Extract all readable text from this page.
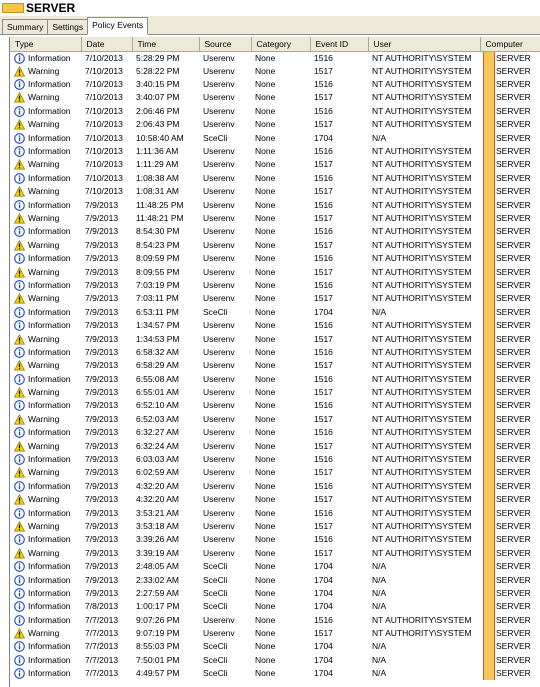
SERVER
Summary	Settings	Policy Events
Type	Date	Time	Source	Category	Event ID	User	Computer

Information	7/10/2013	5:28:29 PM	Userenv	None	1516	NT AUTHORITY\SYSTEM	SERVER

Warning	7/10/2013	5:28:22 PM	Userenv	None	1517	NT AUTHORITY\SYSTEM	SERVER

Information	7/10/2013	3:40:15 PM	Userenv	None	1516	NT AUTHORITY\SYSTEM	SERVER

Warning	7/10/2013	3:40:07 PM	Userenv	None	1517	NT AUTHORITY\SYSTEM	SERVER

Information	7/10/2013	2:06:46 PM	Userenv	None	1516	NT AUTHORITY\SYSTEM	SERVER

Warning	7/10/2013	2:06:43 PM	Userenv	None	1517	NT AUTHORITY\SYSTEM	SERVER

Information	7/10/2013	10:58:40 AM	SceCli	None	1704	N/A	SERVER

Information	7/10/2013	1:11:36 AM	Userenv	None	1516	NT AUTHORITY\SYSTEM	SERVER

Warning	7/10/2013	1:11:29 AM	Userenv	None	1517	NT AUTHORITY\SYSTEM	SERVER

Information	7/10/2013	1:08:38 AM	Userenv	None	1516	NT AUTHORITY\SYSTEM	SERVER

Warning	7/10/2013	1:08:31 AM	Userenv	None	1517	NT AUTHORITY\SYSTEM	SERVER

Information	7/9/2013	11:48:25 PM	Userenv	None	1516	NT AUTHORITY\SYSTEM	SERVER

Warning	7/9/2013	11:48:21 PM	Userenv	None	1517	NT AUTHORITY\SYSTEM	SERVER

Information	7/9/2013	8:54:30 PM	Userenv	None	1516	NT AUTHORITY\SYSTEM	SERVER

Warning	7/9/2013	8:54:23 PM	Userenv	None	1517	NT AUTHORITY\SYSTEM	SERVER

Information	7/9/2013	8:09:59 PM	Userenv	None	1516	NT AUTHORITY\SYSTEM	SERVER

Warning	7/9/2013	8:09:55 PM	Userenv	None	1517	NT AUTHORITY\SYSTEM	SERVER

Information	7/9/2013	7:03:19 PM	Userenv	None	1516	NT AUTHORITY\SYSTEM	SERVER

Warning	7/9/2013	7:03:11 PM	Userenv	None	1517	NT AUTHORITY\SYSTEM	SERVER

Information	7/9/2013	6:53:11 PM	SceCli	None	1704	N/A	SERVER

Information	7/9/2013	1:34:57 PM	Userenv	None	1516	NT AUTHORITY\SYSTEM	SERVER

Warning	7/9/2013	1:34:53 PM	Userenv	None	1517	NT AUTHORITY\SYSTEM	SERVER

Information	7/9/2013	6:58:32 AM	Userenv	None	1516	NT AUTHORITY\SYSTEM	SERVER

Warning	7/9/2013	6:58:29 AM	Userenv	None	1517	NT AUTHORITY\SYSTEM	SERVER

Information	7/9/2013	6:55:08 AM	Userenv	None	1516	NT AUTHORITY\SYSTEM	SERVER

Warning	7/9/2013	6:55:01 AM	Userenv	None	1517	NT AUTHORITY\SYSTEM	SERVER

Information	7/9/2013	6:52:10 AM	Userenv	None	1516	NT AUTHORITY\SYSTEM	SERVER

Warning	7/9/2013	6:52:03 AM	Userenv	None	1517	NT AUTHORITY\SYSTEM	SERVER

Information	7/9/2013	6:32:27 AM	Userenv	None	1516	NT AUTHORITY\SYSTEM	SERVER

Warning	7/9/2013	6:32:24 AM	Userenv	None	1517	NT AUTHORITY\SYSTEM	SERVER

Information	7/9/2013	6:03:03 AM	Userenv	None	1516	NT AUTHORITY\SYSTEM	SERVER

Warning	7/9/2013	6:02:59 AM	Userenv	None	1517	NT AUTHORITY\SYSTEM	SERVER

Information	7/9/2013	4:32:20 AM	Userenv	None	1516	NT AUTHORITY\SYSTEM	SERVER

Warning	7/9/2013	4:32:20 AM	Userenv	None	1517	NT AUTHORITY\SYSTEM	SERVER

Information	7/9/2013	3:53:21 AM	Userenv	None	1516	NT AUTHORITY\SYSTEM	SERVER

Warning	7/9/2013	3:53:18 AM	Userenv	None	1517	NT AUTHORITY\SYSTEM	SERVER

Information	7/9/2013	3:39:26 AM	Userenv	None	1516	NT AUTHORITY\SYSTEM	SERVER

Warning	7/9/2013	3:39:19 AM	Userenv	None	1517	NT AUTHORITY\SYSTEM	SERVER

Information	7/9/2013	2:48:05 AM	SceCli	None	1704	N/A	SERVER

Information	7/9/2013	2:33:02 AM	SceCli	None	1704	N/A	SERVER

Information	7/9/2013	2:27:59 AM	SceCli	None	1704	N/A	SERVER

Information	7/8/2013	1:00:17 PM	SceCli	None	1704	N/A	SERVER

Information	7/7/2013	9:07:26 PM	Userenv	None	1516	NT AUTHORITY\SYSTEM	SERVER

Warning	7/7/2013	9:07:19 PM	Userenv	None	1517	NT AUTHORITY\SYSTEM	SERVER

Information	7/7/2013	8:55:03 PM	SceCli	None	1704	N/A	SERVER

Information	7/7/2013	7:50:01 PM	SceCli	None	1704	N/A	SERVER

Information	7/7/2013	4:49:57 PM	SceCli	None	1704	N/A	SERVER
